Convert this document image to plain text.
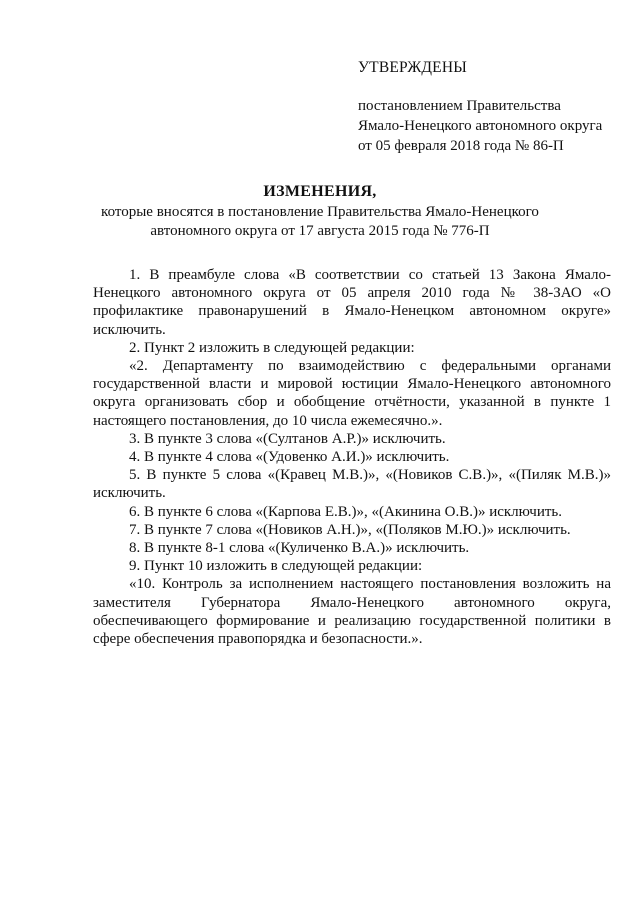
УТВЕРЖДЕНЫ
постановлением Правительства
Ямало-Ненецкого автономного округа
от 05 февраля 2018 года № 86-П
ИЗМЕНЕНИЯ,
которые вносятся в постановление Правительства Ямало-Ненецкого
автономного округа от 17 августа 2015 года № 776-П

1. В преамбуле слова «В соответствии со статьей 13 Закона Ямало-Ненецкого автономного округа от 05 апреля 2010 года № 38-ЗАО «О профилактике правонарушений в Ямало-Ненецком автономном округе» исключить.

2. Пункт 2 изложить в следующей редакции:

«2. Департаменту по взаимодействию с федеральными органами государственной власти и мировой юстиции Ямало-Ненецкого автономного округа организовать сбор и обобщение отчётности, указанной в пункте 1 настоящего постановления, до 10 числа ежемесячно.».

3. В пункте 3 слова «(Султанов А.Р.)» исключить.

4. В пункте 4 слова «(Удовенко А.И.)» исключить.

5. В пункте 5 слова «(Кравец М.В.)», «(Новиков С.В.)», «(Пиляк М.В.)» исключить.

6. В пункте 6 слова «(Карпова Е.В.)», «(Акинина О.В.)» исключить.

7. В пункте 7 слова «(Новиков А.Н.)», «(Поляков М.Ю.)» исключить.

8. В пункте 8-1 слова «(Куличенко В.А.)» исключить.

9. Пункт 10 изложить в следующей редакции:

«10. Контроль за исполнением настоящего постановления возложить на заместителя Губернатора Ямало-Ненецкого автономного округа, обеспечивающего формирование и реализацию государственной политики в сфере обеспечения правопорядка и безопасности.».
